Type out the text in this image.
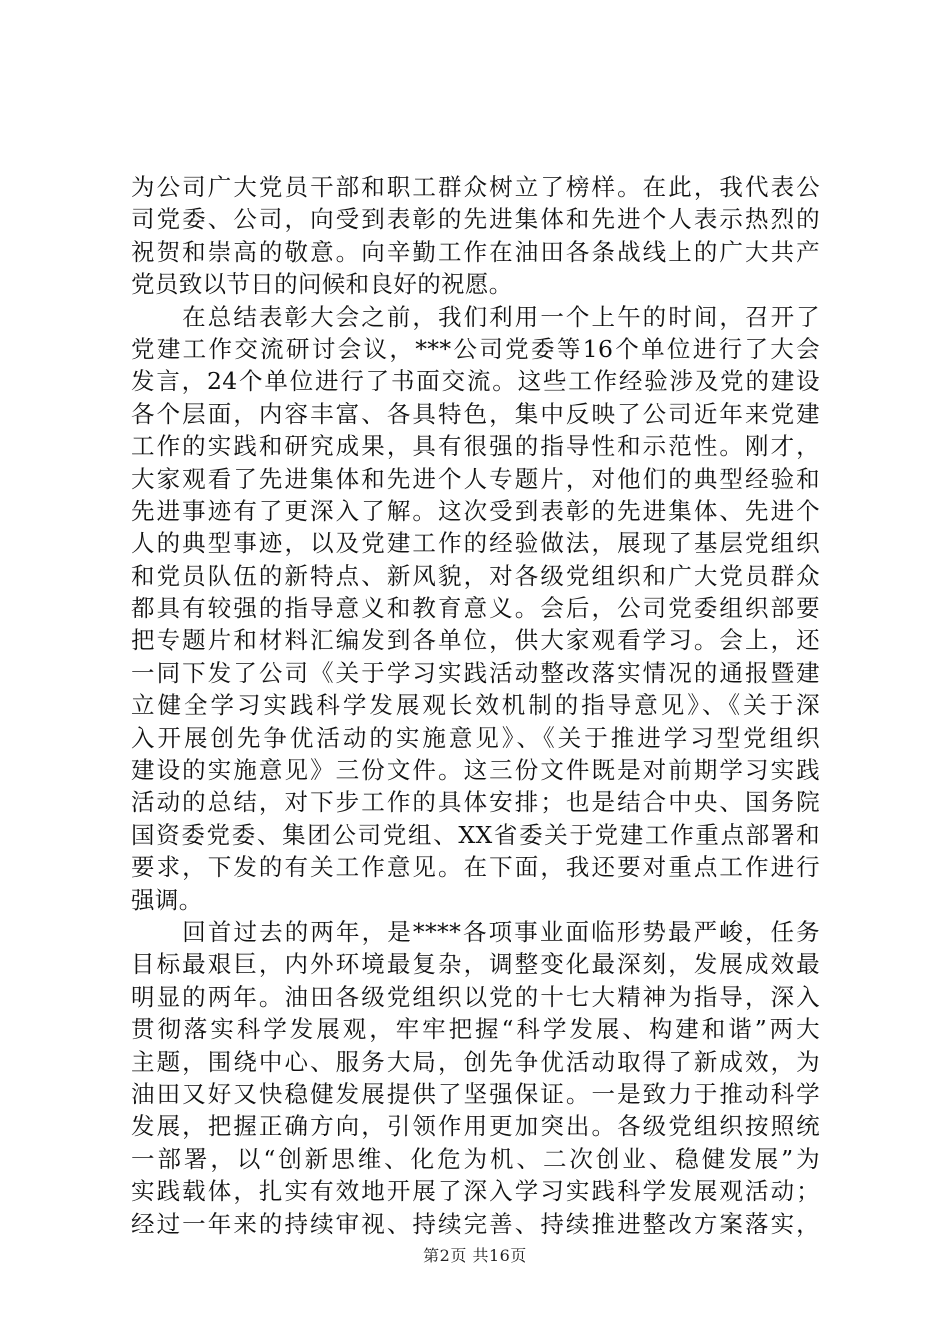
为公司广大党员干部和职工群众树立了榜样。在此，我代表公
司党委、公司，向受到表彰的先进集体和先进个人表示热烈的
祝贺和崇高的敬意。向辛勤工作在油田各条战线上的广大共产
党员致以节日的问候和良好的祝愿。
　　在总结表彰大会之前，我们利用一个上午的时间，召开了
党建工作交流研讨会议，***公司党委等16个单位进行了大会
发言，24个单位进行了书面交流。这些工作经验涉及党的建设
各个层面，内容丰富、各具特色，集中反映了公司近年来党建
工作的实践和研究成果，具有很强的指导性和示范性。刚才，
大家观看了先进集体和先进个人专题片，对他们的典型经验和
先进事迹有了更深入了解。这次受到表彰的先进集体、先进个
人的典型事迹，以及党建工作的经验做法，展现了基层党组织
和党员队伍的新特点、新风貌，对各级党组织和广大党员群众
都具有较强的指导意义和教育意义。会后，公司党委组织部要
把专题片和材料汇编发到各单位，供大家观看学习。会上，还
一同下发了公司《关于学习实践活动整改落实情况的通报暨建
立健全学习实践科学发展观长效机制的指导意见》、《关于深
入开展创先争优活动的实施意见》、《关于推进学习型党组织
建设的实施意见》三份文件。这三份文件既是对前期学习实践
活动的总结，对下步工作的具体安排；也是结合中央、国务院
国资委党委、集团公司党组、XX省委关于党建工作重点部署和
要求，下发的有关工作意见。在下面，我还要对重点工作进行
强调。
　　回首过去的两年，是****各项事业面临形势最严峻，任务
目标最艰巨，内外环境最复杂，调整变化最深刻，发展成效最
明显的两年。油田各级党组织以党的十七大精神为指导，深入
贯彻落实科学发展观，牢牢把握“科学发展、构建和谐”两大
主题，围绕中心、服务大局，创先争优活动取得了新成效，为
油田又好又快稳健发展提供了坚强保证。一是致力于推动科学
发展，把握正确方向，引领作用更加突出。各级党组织按照统
一部署，以“创新思维、化危为机、二次创业、稳健发展”为
实践载体，扎实有效地开展了深入学习实践科学发展观活动；
经过一年来的持续审视、持续完善、持续推进整改方案落实，
第2页 共16页
